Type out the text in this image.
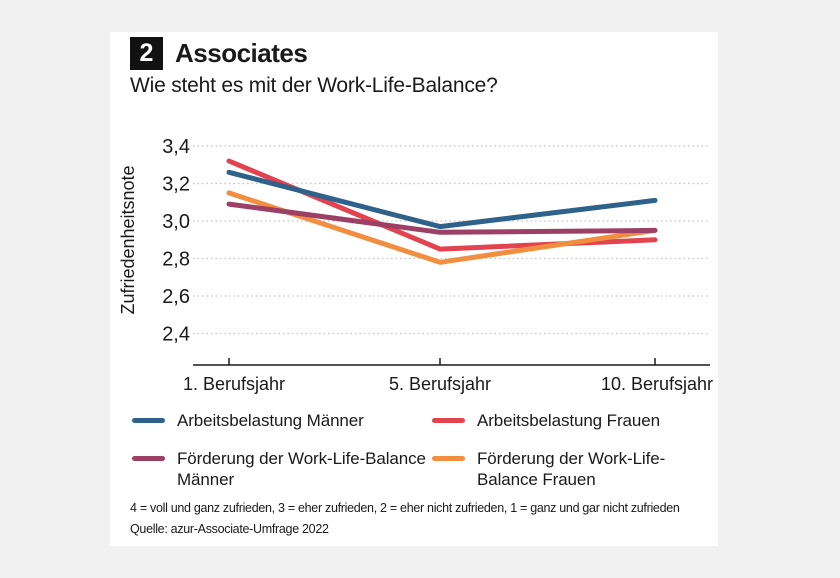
2 Associates
Wie steht es mit der Work-Life-Balance?
3,4
3,2
3,0
2,8
2,6
2,4
Zufriedenheitsnote
1. Berufsjahr	5. Berufsjahr	10. Berufsjahr
Arbeitsbelastung Männer	Arbeitsbelastung Frauen
Förderung der Work-Life-Balance Männer
Förderung der Work-Life-Balance Frauen
4 = voll und ganz zufrieden, 3 = eher zufrieden, 2 = eher nicht zufrieden, 1 = ganz und gar nicht zufrieden
Quelle: azur-Associate-Umfrage 2022
